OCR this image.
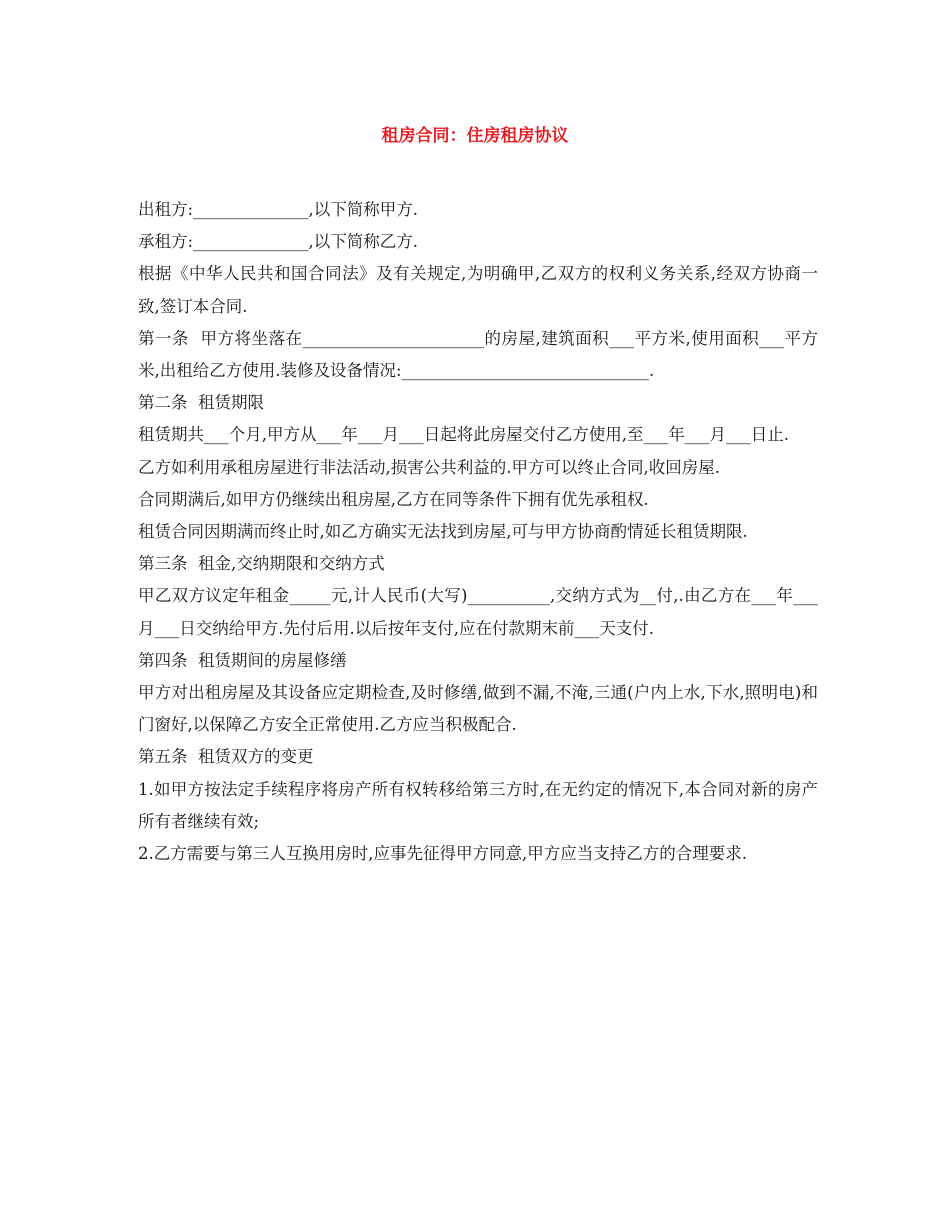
租房合同：住房租房协议

出租方:______________,以下简称甲方.

承租方:______________,以下简称乙方.

根据《中华人民共和国合同法》及有关规定,为明确甲,乙双方的权利义务关系,经双方协商一致,签订本合同.

第一条  甲方将坐落在______________________的房屋,建筑面积___平方米,使用面积___平方米,出租给乙方使用.装修及设备情况:______________________________.

第二条  租赁期限

租赁期共___个月,甲方从___年___月___日起将此房屋交付乙方使用,至___年___月___日止.

乙方如利用承租房屋进行非法活动,损害公共利益的.甲方可以终止合同,收回房屋.

合同期满后,如甲方仍继续出租房屋,乙方在同等条件下拥有优先承租权.

租赁合同因期满而终止时,如乙方确实无法找到房屋,可与甲方协商酌情延长租赁期限.

第三条  租金,交纳期限和交纳方式

甲乙双方议定年租金_____元,计人民币(大写)__________,交纳方式为__付,.由乙方在___年___月___日交纳给甲方.先付后用.以后按年支付,应在付款期末前___天支付.

第四条  租赁期间的房屋修缮

甲方对出租房屋及其设备应定期检查,及时修缮,做到不漏,不淹,三通(户内上水,下水,照明电)和门窗好,以保障乙方安全正常使用.乙方应当积极配合.

第五条  租赁双方的变更

1.如甲方按法定手续程序将房产所有权转移给第三方时,在无约定的情况下,本合同对新的房产所有者继续有效;

2.乙方需要与第三人互换用房时,应事先征得甲方同意,甲方应当支持乙方的合理要求.
